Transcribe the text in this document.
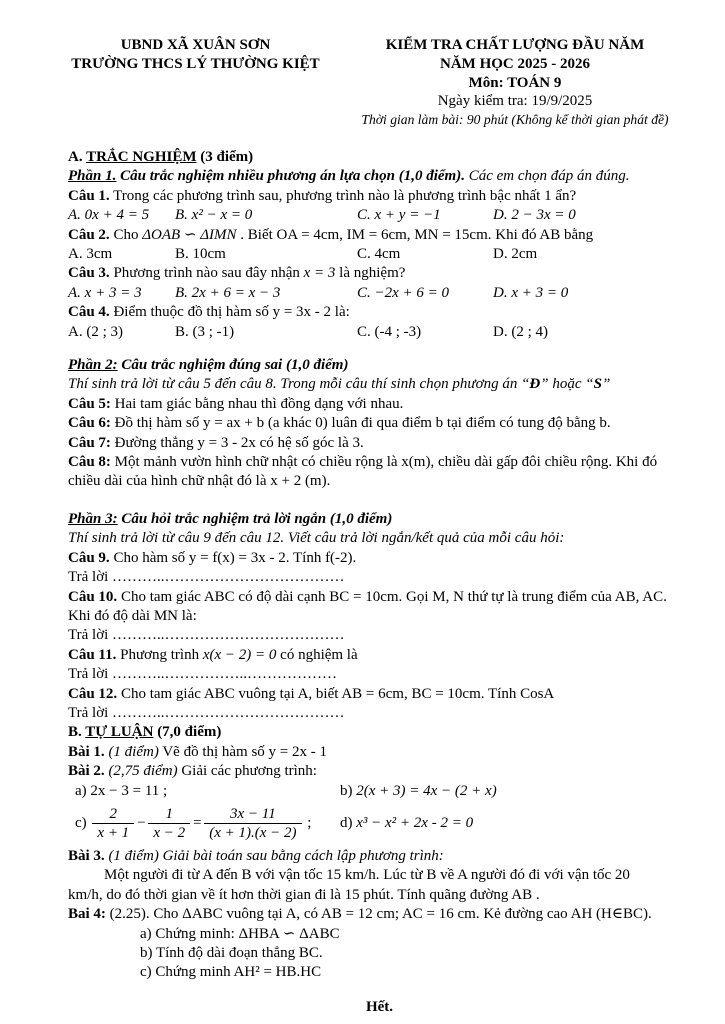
UBND XÃ XUÂN SƠN
TRƯỜNG THCS LÝ THƯỜNG KIỆT
KIỂM TRA CHẤT LƯỢNG ĐẦU NĂM
NĂM HỌC 2025 - 2026
Môn: TOÁN 9
Ngày kiểm tra: 19/9/2025
Thời gian làm bài: 90 phút (Không kể thời gian phát đề)
A. TRẮC NGHIỆM (3 điểm)
Phần 1. Câu trắc nghiệm nhiều phương án lựa chọn (1,0 điểm). Các em chọn đáp án đúng.
Câu 1. Trong các phương trình sau, phương trình nào là phương trình bậc nhất 1 ẩn?
A. 0x + 4 = 5	B. x² − x = 0	C. x + y = −1	D. 2 − 3x = 0
Câu 2. Cho ΔOAB ∽ ΔIMN . Biết OA = 4cm, IM = 6cm, MN = 15cm. Khi đó AB bằng
A. 3cm	B. 10cm	C. 4cm	D. 2cm
Câu 3. Phương trình nào sau đây nhận x = 3 là nghiệm?
A. x + 3 = 3	B. 2x + 6 = x − 3	C. −2x + 6 = 0	D. x + 3 = 0
Câu 4. Điểm thuộc đồ thị hàm số y = 3x - 2 là:
A. (2 ; 3)	B. (3 ; -1)	C. (-4 ; -3)	D. (2 ; 4)
Phần 2: Câu trắc nghiệm đúng sai (1,0 điểm)
Thí sinh trả lời từ câu 5 đến câu 8. Trong mỗi câu thí sinh chọn phương án “Đ” hoặc “S”
Câu 5: Hai tam giác bằng nhau thì đồng dạng với nhau.
Câu 6: Đồ thị hàm số y = ax + b (a khác 0) luân đi qua điểm b tại điểm có tung độ bằng b.
Câu 7: Đường thẳng y = 3 - 2x có hệ số góc là 3.
Câu 8: Một mảnh vườn hình chữ nhật có chiều rộng là x(m), chiều dài gấp đôi chiều rộng. Khi đó chiều dài của hình chữ nhật đó là x + 2 (m).
Phần 3: Câu hỏi trắc nghiệm trả lời ngắn (1,0 điểm)
Thí sinh trả lời từ câu 9 đến câu 12. Viết câu trả lời ngắn/kết quả của mỗi câu hỏi:
Câu 9. Cho hàm số y = f(x) = 3x - 2. Tính f(-2).
Trả lời ………..………………………………
Câu 10. Cho tam giác ABC có độ dài cạnh BC = 10cm. Gọi M, N thứ tự là trung điểm của AB, AC. Khi đó độ dài MN là:
Trả lời ………..………………………………
Câu 11. Phương trình x(x − 2) = 0 có nghiệm là
Trả lời ………..……………..………………
Câu 12. Cho tam giác ABC vuông tại A, biết AB = 6cm, BC = 10cm. Tính CosA
Trả lời ………..………………………………
B. TỰ LUẬN (7,0 điểm)
Bài 1. (1 điểm) Vẽ đồ thị hàm số y = 2x - 1
Bài 2. (2,75 điểm) Giải các phương trình:
a) 2x − 3 = 11 ;	b) 2(x + 3) = 4x − (2 + x)
$c) \frac{2}{x + 1} - \frac{1}{x - 2} = \frac{3x - 11}{(x + 1).(x - 2)}$ ;	d) x³ − x² + 2x - 2 = 0
Bài 3. (1 điểm) Giải bài toán sau bằng cách lập phương trình:
Một người đi từ A đến B với vận tốc 15 km/h. Lúc từ B về A người đó đi với vận tốc 20
km/h, do đó thời gian về ít hơn thời gian đi là 15 phút. Tính quãng đường AB .
Bai 4: (2.25). Cho ΔABC vuông tại A, có AB = 12 cm; AC = 16 cm. Kẻ đường cao AH (H∈BC).
a) Chứng minh: ΔHBA ∽ ΔABC
b) Tính độ dài đoạn thẳng BC.
c) Chứng minh AH² = HB.HC
Hết.
